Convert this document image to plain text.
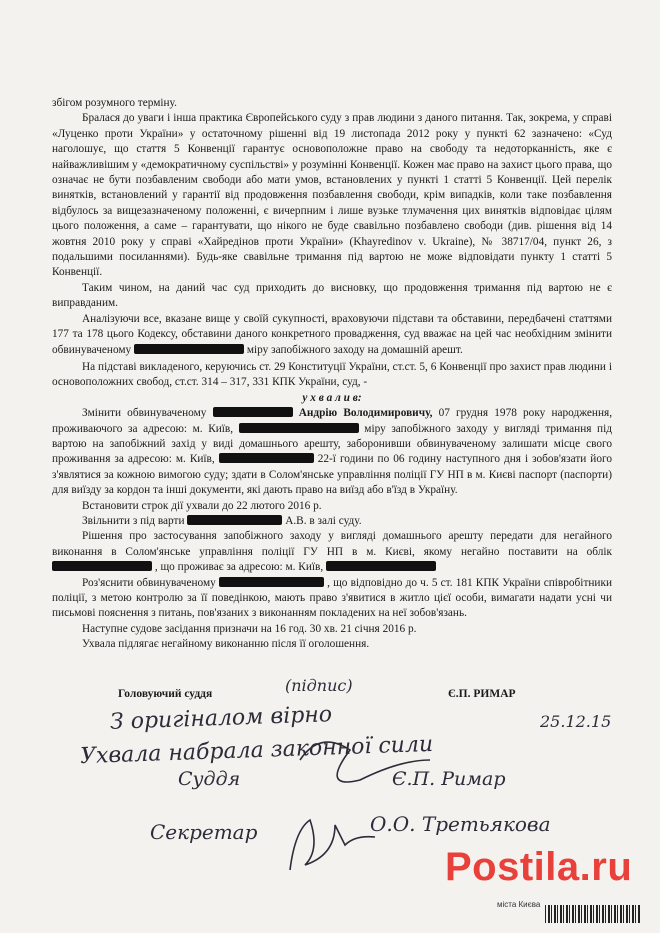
збігом розумного терміну.

Бралася до уваги і інша практика Європейського суду з прав людини з даного питання. Так, зокрема, у справі «Луценко проти України» у остаточному рішенні від 19 листопада 2012 року у пункті 62 зазначено: «Суд наголошує, що стаття 5 Конвенції гарантує основоположне право на свободу та недоторканність, яке є найважливішим у «демократичному суспільстві» у розумінні Конвенції. Кожен має право на захист цього права, що означає не бути позбавленим свободи або мати умов, встановлених у пункті 1 статті 5 Конвенції. Цей перелік винятків, встановлений у гарантії від продовження позбавлення свободи, крім випадків, коли таке позбавлення відбулось за вищезазначеному положенні, є вичерпним і лише вузьке тлумачення цих винятків відповідає цілям цього положення, а саме – гарантувати, що нікого не буде свавільно позбавлено свободи (див. рішення від 14 жовтня 2010 року у справі «Хайредінов проти України» (Khayredinov v. Ukraine), № 38717/04, пункт 26, з подальшими посиланнями). Будь-яке свавільне тримання під вартою не може відповідати пункту 1 статті 5 Конвенції.

Таким чином, на даний час суд приходить до висновку, що продовження тримання під вартою не є виправданим.

Аналізуючи все, вказане вище у своїй сукупності, враховуючи підстави та обставини, передбачені статтями 177 та 178 цього Кодексу, обставини даного конкретного провадження, суд вважає на цей час необхідним змінити обвинуваченому	міру запобіжного заходу на домашній арешт.

На підставі викладеного, керуючись ст. 29 Конституції України, ст.ст. 5, 6 Конвенції про захист прав людини і основоположних свобод, ст.ст. 314 – 317, 331 КПК України, суд, -

у х в а л и в:

Змінити обвинуваченому	Андрію Володимировичу, 07 грудня 1978 року народження, проживаючого за адресою: м. Київ,	міру запобіжного заходу у вигляді тримання під вартою на запобіжний захід у виді домашнього арешту, заборонивши обвинуваченому залишати місце свого проживання за адресою: м. Київ,	22-ї години по 06 годину наступного дня і зобов'язати його з'являтися за кожною вимогою суду; здати в Солом'янське управління поліції ГУ НП в м. Києві паспорт (паспорти) для виїзду за кордон та інші документи, які дають право на виїзд або в'їзд в Україну.

Встановити строк дії ухвали до 22 лютого 2016 р.

Звільнити з під варти	А.В. в залі суду.

Рішення про застосування запобіжного заходу у вигляді домашнього арешту передати для негайного виконання в Солом'янське управління поліції ГУ НП в м. Києві, якому негайно поставити на облік  , що проживає за адресою: м. Київ,

Роз'яснити обвинуваченому	, що відповідно до ч. 5 ст. 181 КПК України співробітники поліції, з метою контролю за її поведінкою, мають право з'явитися в житло цієї особи, вимагати надати усні чи письмові пояснення з питань, пов'язаних з виконанням покладених на неї зобов'язань.

Наступне судове засідання призначи на 16 год. 30 хв. 21 січня 2016 р.

Ухвала підлягає негайному виконанню після її оголошення.

Головуючий суддя	Є.П. РИМАР
(підпис)
З оригіналом вірно	25.12.15
Ухвала набрала законної сили
Суддя	Є.П. Римар
Секретар	О.О. Третьякова
Postila.ru
міста Києва
